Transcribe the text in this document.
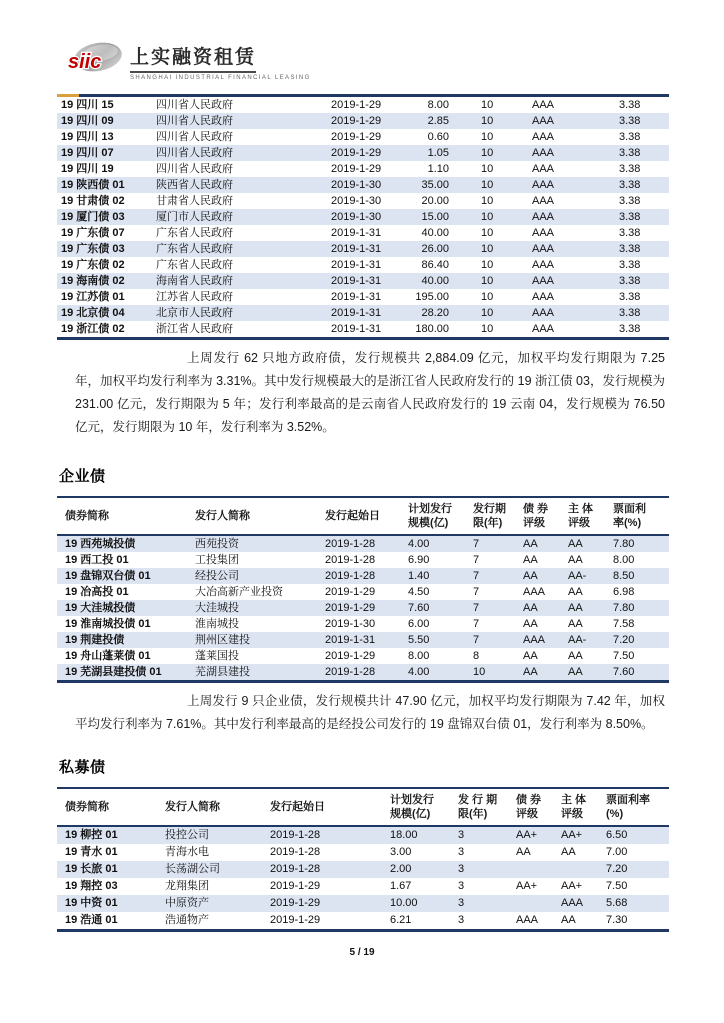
siic 上实融资租赁
SHANGHAI INDUSTRIAL FINANCIAL LEASING
19 四川 15	四川省人民政府	2019-1-29	8.00	10	AAA	3.38
19 四川 09	四川省人民政府	2019-1-29	2.85	10	AAA	3.38
19 四川 13	四川省人民政府	2019-1-29	0.60	10	AAA	3.38
19 四川 07	四川省人民政府	2019-1-29	1.05	10	AAA	3.38
19 四川 19	四川省人民政府	2019-1-29	1.10	10	AAA	3.38
19 陕西债 01	陕西省人民政府	2019-1-30	35.00	10	AAA	3.38
19 甘肃债 02	甘肃省人民政府	2019-1-30	20.00	10	AAA	3.38
19 厦门债 03	厦门市人民政府	2019-1-30	15.00	10	AAA	3.38
19 广东债 07	广东省人民政府	2019-1-31	40.00	10	AAA	3.38
19 广东债 03	广东省人民政府	2019-1-31	26.00	10	AAA	3.38
19 广东债 02	广东省人民政府	2019-1-31	86.40	10	AAA	3.38
19 海南债 02	海南省人民政府	2019-1-31	40.00	10	AAA	3.38
19 江苏债 01	江苏省人民政府	2019-1-31	195.00	10	AAA	3.38
19 北京债 04	北京市人民政府	2019-1-31	28.20	10	AAA	3.38
19 浙江债 02	浙江省人民政府	2019-1-31	180.00	10	AAA	3.38

上周发行 62 只地方政府债，发行规模共 2,884.09 亿元，加权平均发行期限为 7.25 年，加权平均发行利率为 3.31%。其中发行规模最大的是浙江省人民政府发行的 19 浙江债 03，发行规模为 231.00 亿元，发行期限为 5 年；发行利率最高的是云南省人民政府发行的 19 云南 04，发行规模为 76.50 亿元，发行期限为 10 年，发行利率为 3.52%。

企业债
债券简称	发行人简称	发行起始日

计划发行
规模(亿)

发行期
限(年)

债 券
评级

主 体
评级

票面利
率(%)

19 西苑城投债	西苑投资	2019-1-28	4.00	7	AA	AA	7.80
19 西工投 01	工投集团	2019-1-28	6.90	7	AA	AA	8.00
19 盘锦双台债 01	经投公司	2019-1-28	1.40	7	AA	AA-	8.50
19 冶高投 01	大冶高新产业投资	2019-1-29	4.50	7	AAA	AA	6.98
19 大洼城投债	大洼城投	2019-1-29	7.60	7	AA	AA	7.80
19 淮南城投债 01	淮南城投	2019-1-30	6.00	7	AA	AA	7.58
19 荆建投债	荆州区建投	2019-1-31	5.50	7	AAA	AA-	7.20
19 舟山蓬莱债 01	蓬莱国投	2019-1-29	8.00	8	AA	AA	7.50
19 芜湖县建投债 01	芜湖县建投	2019-1-28	4.00	10	AA	AA	7.60

上周发行 9 只企业债，发行规模共计 47.90 亿元，加权平均发行期限为 7.42 年，加权平均发行利率为 7.61%。其中发行利率最高的是经投公司发行的 19 盘锦双台债 01，发行利率为 8.50%。

私募债
债券简称	发行人简称	发行起始日

计划发行
规模(亿)

发 行 期
限(年)

债 券
评级

主 体
评级

票面利率
(%)

19 柳控 01	投控公司	2019-1-28	18.00	3	AA+	AA+	6.50
19 青水 01	青海水电	2019-1-28	3.00	3	AA	AA	7.00
19 长旅 01	长荡湖公司	2019-1-28	2.00	3			7.20
19 翔控 03	龙翔集团	2019-1-29	1.67	3	AA+	AA+	7.50
19 中资 01	中原资产	2019-1-29	10.00	3		AAA	5.68
19 浩通 01	浩通物产	2019-1-29	6.21	3	AAA	AA	7.30
5 / 19
